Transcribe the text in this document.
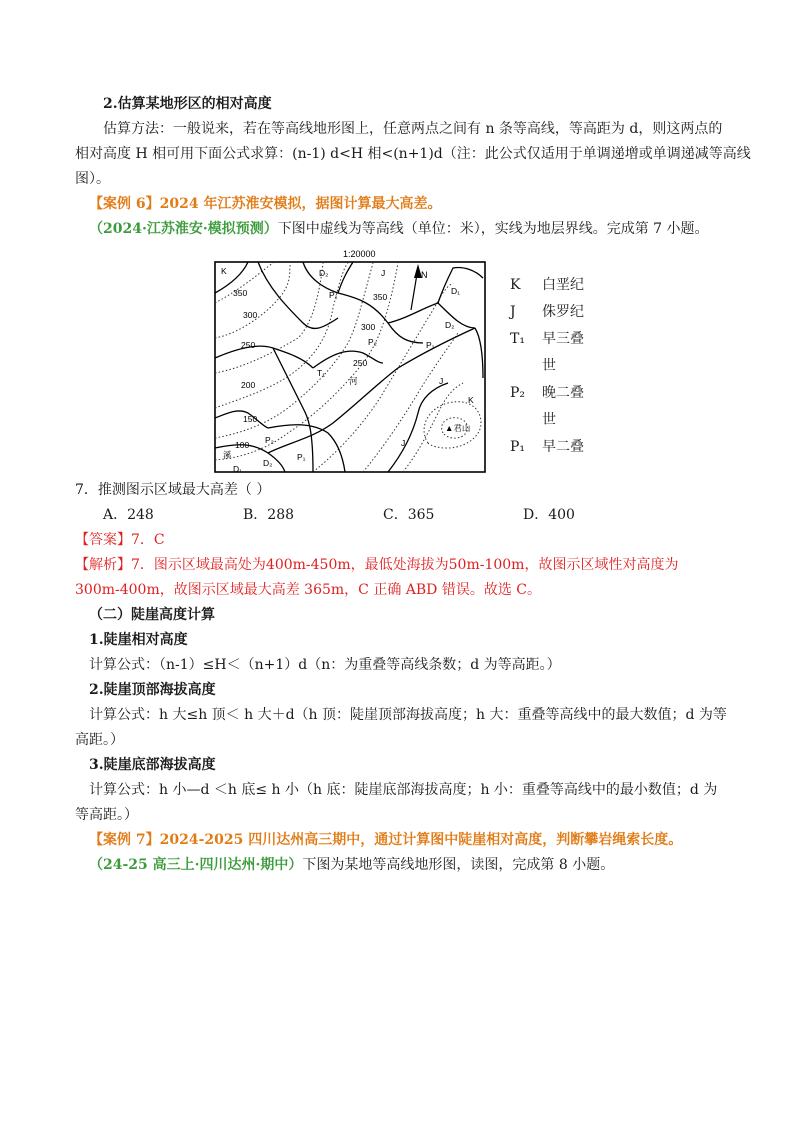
2.估算某地形区的相对高度
估算方法：一般说来，若在等高线地形图上，任意两点之间有 n 条等高线，等高距为 d，则这两点的
相对高度 H 相可用下面公式求算：(n-1) d<H 相<(n+1)d（注：此公式仅适用于单调递增或单调递减等高线
图）。
【案例 6】2024 年江苏淮安模拟，据图计算最大高差。
（2024·江苏淮安·模拟预测）下图中虚线为等高线（单位：米），实线为地层界线。完成第 7 小题。
1:20000
N
K
350
300
250
200
150
100
350
300
250
D₂	J
P₁	D₁
D₂
P₂	P₁
T₁
J
K
P₂
P₁
D₂
D₁
J
河
溪
▲君山
K 白垩纪
J 侏罗纪
T₁ 早三叠
世
P₂ 晚二叠
世
P₁ 早二叠
7．推测图示区域最大高差（ ）
A．248	B．288	C．365	D．400
【答案】7．C
【解析】7．图示区域最高处为400m-450m，最低处海拔为50m-100m，故图示区域性对高度为
300m-400m，故图示区域最大高差 365m，C 正确 ABD 错误。故选 C。
（二）陡崖高度计算
1.陡崖相对高度
计算公式：（n-1）≤H＜（n+1）d（n：为重叠等高线条数；d 为等高距。）
2.陡崖顶部海拔高度
计算公式：h 大≤h 顶＜ h 大＋d（h 顶：陡崖顶部海拔高度；h 大：重叠等高线中的最大数值；d 为等
高距。）
3.陡崖底部海拔高度
计算公式：h 小—d ＜h 底≤ h 小（h 底：陡崖底部海拔高度；h 小：重叠等高线中的最小数值；d 为
等高距。）
【案例 7】2024-2025 四川达州高三期中，通过计算图中陡崖相对高度，判断攀岩绳索长度。
（24-25 高三上·四川达州·期中）下图为某地等高线地形图，读图，完成第 8 小题。
